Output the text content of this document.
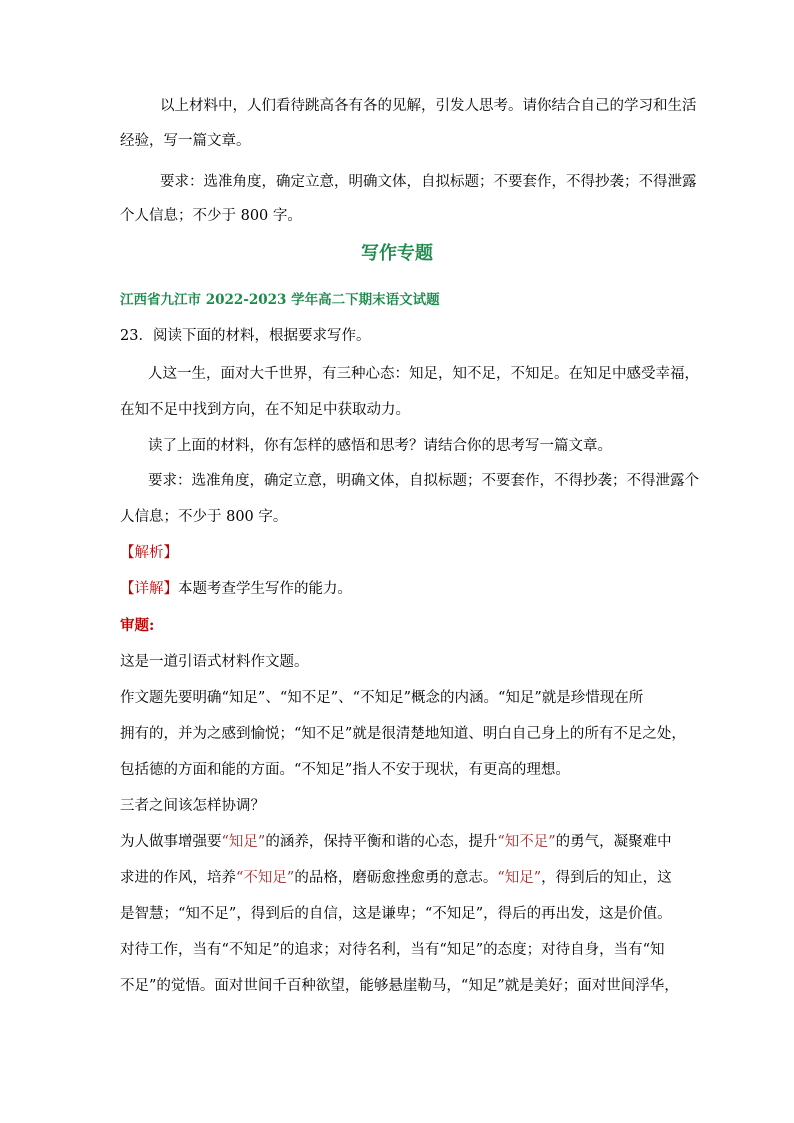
以上材料中，人们看待跳高各有各的见解，引发人思考。请你结合自己的学习和生活
经验，写一篇文章。
要求：选准角度，确定立意，明确文体，自拟标题；不要套作，不得抄袭；不得泄露
个人信息；不少于 800 字。
写作专题
江西省九江市 2022-2023 学年高二下期末语文试题
23．阅读下面的材料，根据要求写作。
人这一生，面对大千世界，有三种心态：知足，知不足，不知足。在知足中感受幸福，
在知不足中找到方向，在不知足中获取动力。
读了上面的材料，你有怎样的感悟和思考？请结合你的思考写一篇文章。
要求：选准角度，确定立意，明确文体，自拟标题；不要套作，不得抄袭；不得泄露个
人信息；不少于 800 字。
【解析】
【详解】本题考查学生写作的能力。
审题:
这是一道引语式材料作文题。
作文题先要明确“知足”、“知不足”、“不知足”概念的内涵。“知足”就是珍惜现在所
拥有的，并为之感到愉悦；“知不足”就是很清楚地知道、明白自己身上的所有不足之处，
包括德的方面和能的方面。“不知足”指人不安于现状，有更高的理想。
三者之间该怎样协调？
为人做事增强要“知足”的涵养，保持平衡和谐的心态，提升“知不足”的勇气，凝聚难中
求进的作风，培养“不知足”的品格，磨砺愈挫愈勇的意志。“知足”，得到后的知止，这
是智慧；“知不足”，得到后的自信，这是谦卑；“不知足”，得后的再出发，这是价值。
对待工作，当有“不知足”的追求；对待名利，当有“知足”的态度；对待自身，当有“知
不足”的觉悟。面对世间千百种欲望，能够悬崖勒马，“知足”就是美好；面对世间浮华，
